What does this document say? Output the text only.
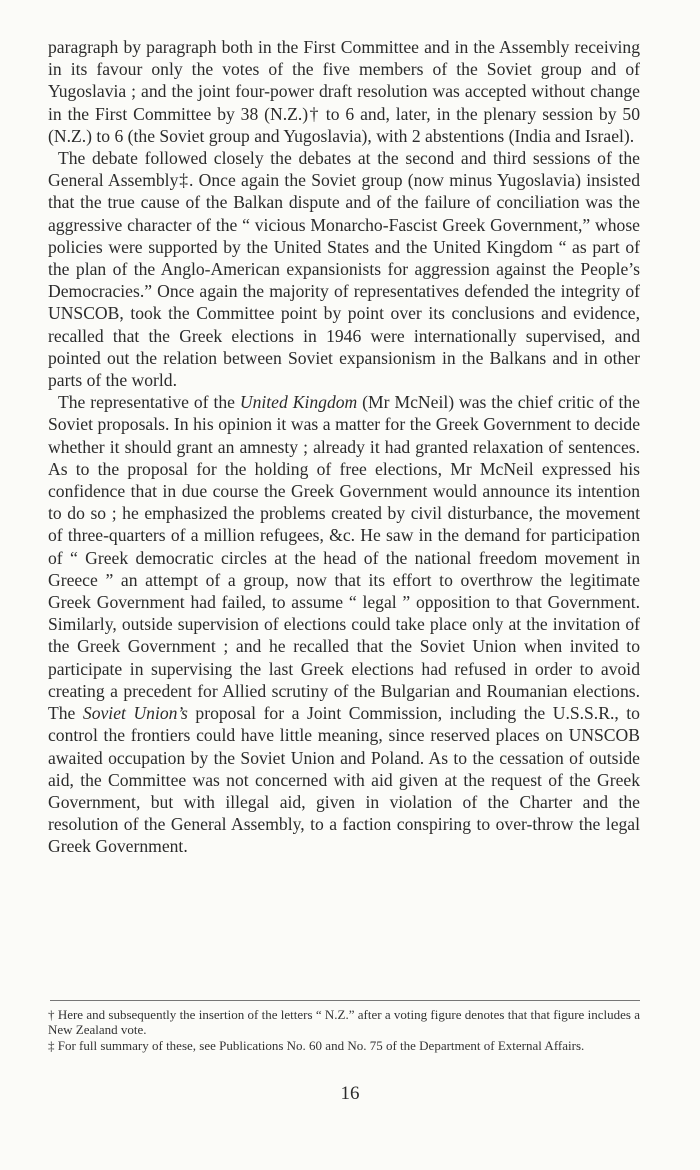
paragraph by paragraph both in the First Committee and in the Assembly receiving in its favour only the votes of the five members of the Soviet group and of Yugoslavia ; and the joint four-power draft resolution was accepted without change in the First Committee by 38 (N.Z.)† to 6 and, later, in the plenary session by 50 (N.Z.) to 6 (the Soviet group and Yugoslavia), with 2 abstentions (India and Israel).

The debate followed closely the debates at the second and third sessions of the General Assembly‡. Once again the Soviet group (now minus Yugoslavia) insisted that the true cause of the Balkan dispute and of the failure of conciliation was the aggressive character of the “ vicious Monarcho-Fascist Greek Government,” whose policies were supported by the United States and the United Kingdom “ as part of the plan of the Anglo-American expansionists for aggression against the People’s Democracies.” Once again the majority of representatives defended the integrity of UNSCOB, took the Committee point by point over its conclusions and evidence, recalled that the Greek elections in 1946 were internationally supervised, and pointed out the relation between Soviet expansionism in the Balkans and in other parts of the world.

The representative of the United Kingdom (Mr McNeil) was the chief critic of the Soviet proposals. In his opinion it was a matter for the Greek Government to decide whether it should grant an amnesty ; already it had granted relaxation of sentences. As to the proposal for the holding of free elections, Mr McNeil expressed his confidence that in due course the Greek Government would announce its intention to do so ; he emphasized the problems created by civil disturbance, the movement of three-quarters of a million refugees, &c. He saw in the demand for participation of “ Greek democratic circles at the head of the national freedom movement in Greece ” an attempt of a group, now that its effort to overthrow the legitimate Greek Government had failed, to assume “ legal ” opposition to that Government. Similarly, outside supervision of elections could take place only at the invitation of the Greek Government ; and he recalled that the Soviet Union when invited to participate in supervising the last Greek elections had refused in order to avoid creating a precedent for Allied scrutiny of the Bulgarian and Roumanian elections. The Soviet Union’s proposal for a Joint Commission, including the U.S.S.R., to control the frontiers could have little meaning, since reserved places on UNSCOB awaited occupation by the Soviet Union and Poland. As to the cessation of outside aid, the Committee was not concerned with aid given at the request of the Greek Government, but with illegal aid, given in violation of the Charter and the resolution of the General Assembly, to a faction conspiring to over-throw the legal Greek Government.

† Here and subsequently the insertion of the letters “ N.Z.” after a voting figure denotes that that figure includes a New Zealand vote.

‡ For full summary of these, see Publications No. 60 and No. 75 of the Department of External Affairs.

16
